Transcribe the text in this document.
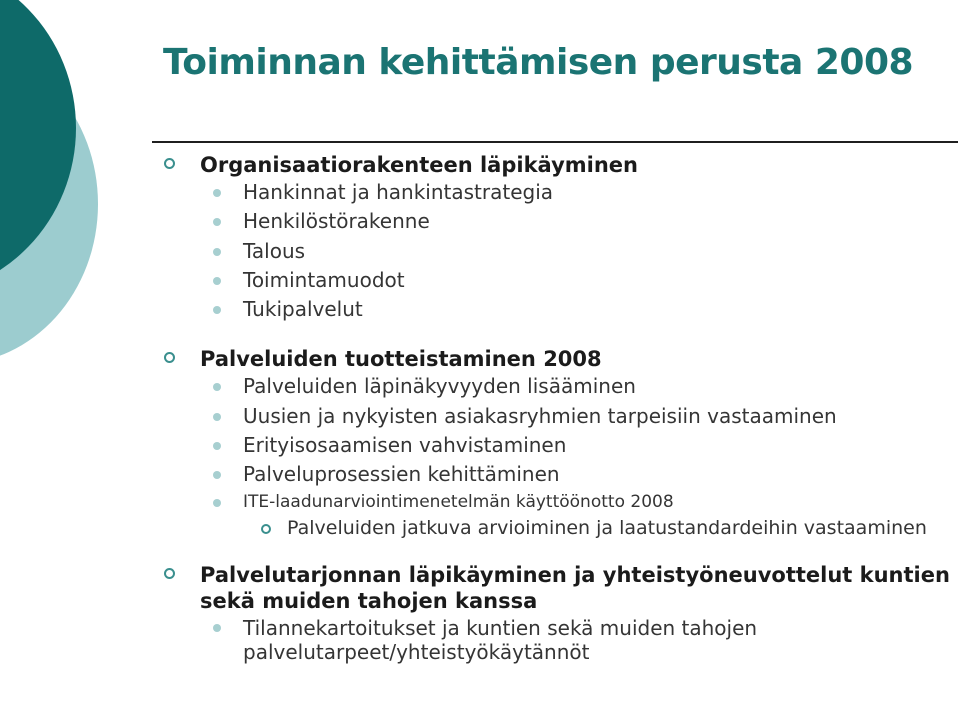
Toiminnan kehittämisen perusta 2008
Organisaatiorakenteen läpikäyminen
Hankinnat ja hankintastrategia
Henkilöstörakenne
Talous
Toimintamuodot
Tukipalvelut
Palveluiden tuotteistaminen 2008
Palveluiden läpinäkyvyyden lisääminen
Uusien ja nykyisten asiakasryhmien tarpeisiin vastaaminen
Erityisosaamisen vahvistaminen
Palveluprosessien kehittäminen
ITE-laadunarviointimenetelmän käyttöönotto 2008
Palveluiden jatkuva arvioiminen ja laatustandardeihin vastaaminen
Palvelutarjonnan läpikäyminen ja yhteistyöneuvottelut kuntien sekä muiden tahojen kanssa
Tilannekartoitukset ja kuntien sekä muiden tahojen palvelutarpeet/yhteistyökäytännöt
